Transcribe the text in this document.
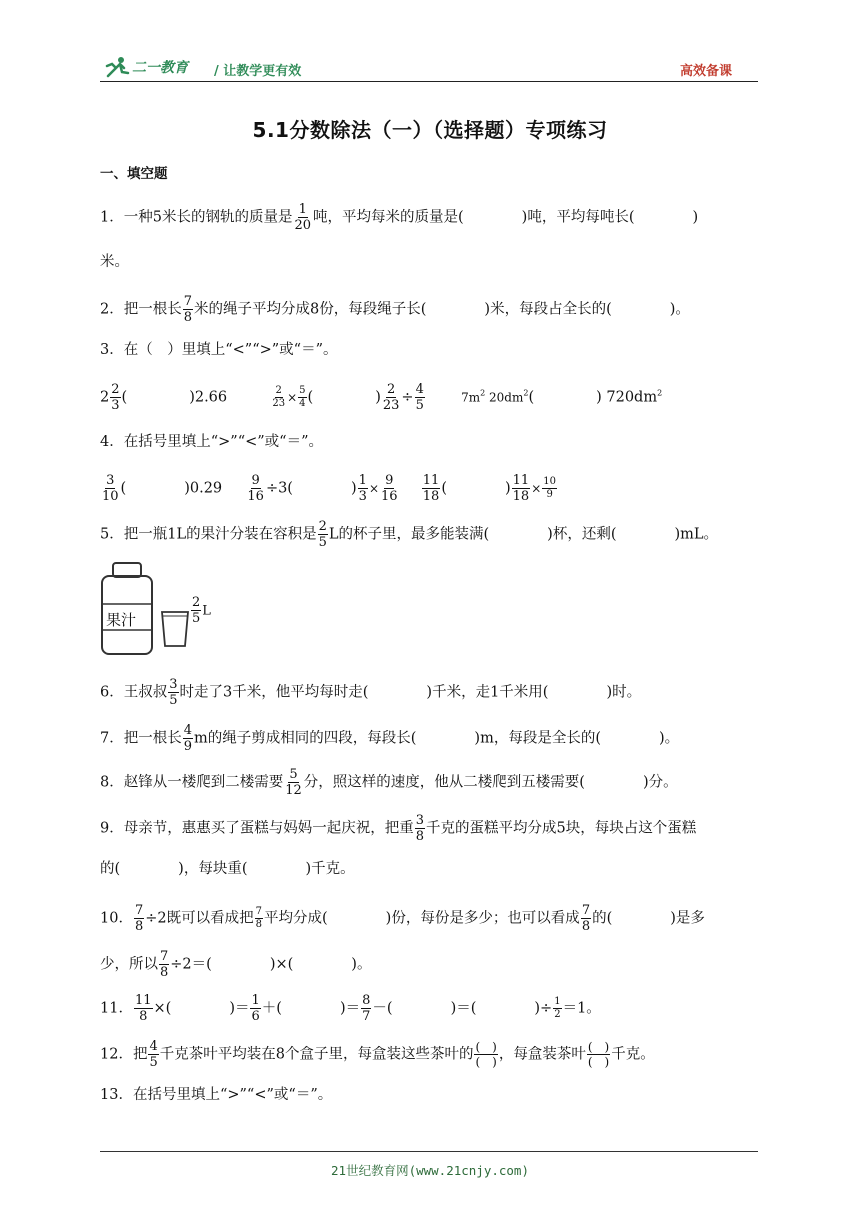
二一教育 / 让教学更有效	高效备课
5.1分数除法（一）（选择题）专项练习
一、填空题
1．一种5米长的钢轨的质量是 $\frac{1}{20}$ 吨，平均每米的质量是(	)吨，平均每吨长(	)
米。
2．把一根长 $\frac{7}{8}$ 米的绳子平均分成8份，每段绳子长(	)米，每段占全长的(	)。
3．在（　）里填上“<”“>”或“＝”。
$2 \frac{2}{3}$ (	)2.66	$\frac{2}{23} \times \frac{5}{4}$ (	) $\frac{2}{23} \div \frac{4}{5}$	$7m^2$ $20dm^2$(	) $720dm^2$
4．在括号里填上“>”“<”或“＝”。
$\frac{3}{10}$ (	)$0.29 \frac{9}{16} \div 3$(	) $\frac{1}{3} \times \frac{9}{16}$
$\frac{11}{18}$ (	) $\frac{11}{18} \times \frac{10}{9}$
5．把一瓶1L的果汁分装在容积是 $\frac{2}{5}$ L的杯子里，最多能装满(	)杯，还剩(	)mL。
果汁	$\frac{2}{5}$ L
6．王叔叔 $\frac{3}{5}$ 时走了3千米，他平均每时走(	)千米，走1千米用(	)时。
7．把一根长 $\frac{4}{9}$ m的绳子剪成相同的四段，每段长(	)m，每段是全长的(	)。
8．赵锋从一楼爬到二楼需要 $\frac{5}{12}$ 分，照这样的速度，他从二楼爬到五楼需要(	)分。
9．母亲节，惠惠买了蛋糕与妈妈一起庆祝，把重 $\frac{3}{8}$ 千克的蛋糕平均分成5块，每块占这个蛋糕
的(	)，每块重(	)千克。
10． $\frac{7}{8} \div 2$既可以看成把 $\frac{7}{8}$ 平均分成(	)份，每份是多少；也可以看成 $\frac{7}{8}$ 的(	)是多
少，所以 $\frac{7}{8} \div 2=$(	)×(	)。
11． $\frac{11}{8}$ ×(	)＝ $\frac{1}{6}$ ＋(	)＝ $\frac{8}{7}$ －(	)＝(	)÷ $\frac{1}{2} =1$。
12．把 $\frac{4}{5}$ 千克茶叶平均装在8个盒子里，每盒装这些茶叶的 (　)
(　) ，每盒装茶叶 (　)
(　) 千克。
13．在括号里填上“>”“<”或“＝”。
21世纪教育网(www.21cnjy.com)
